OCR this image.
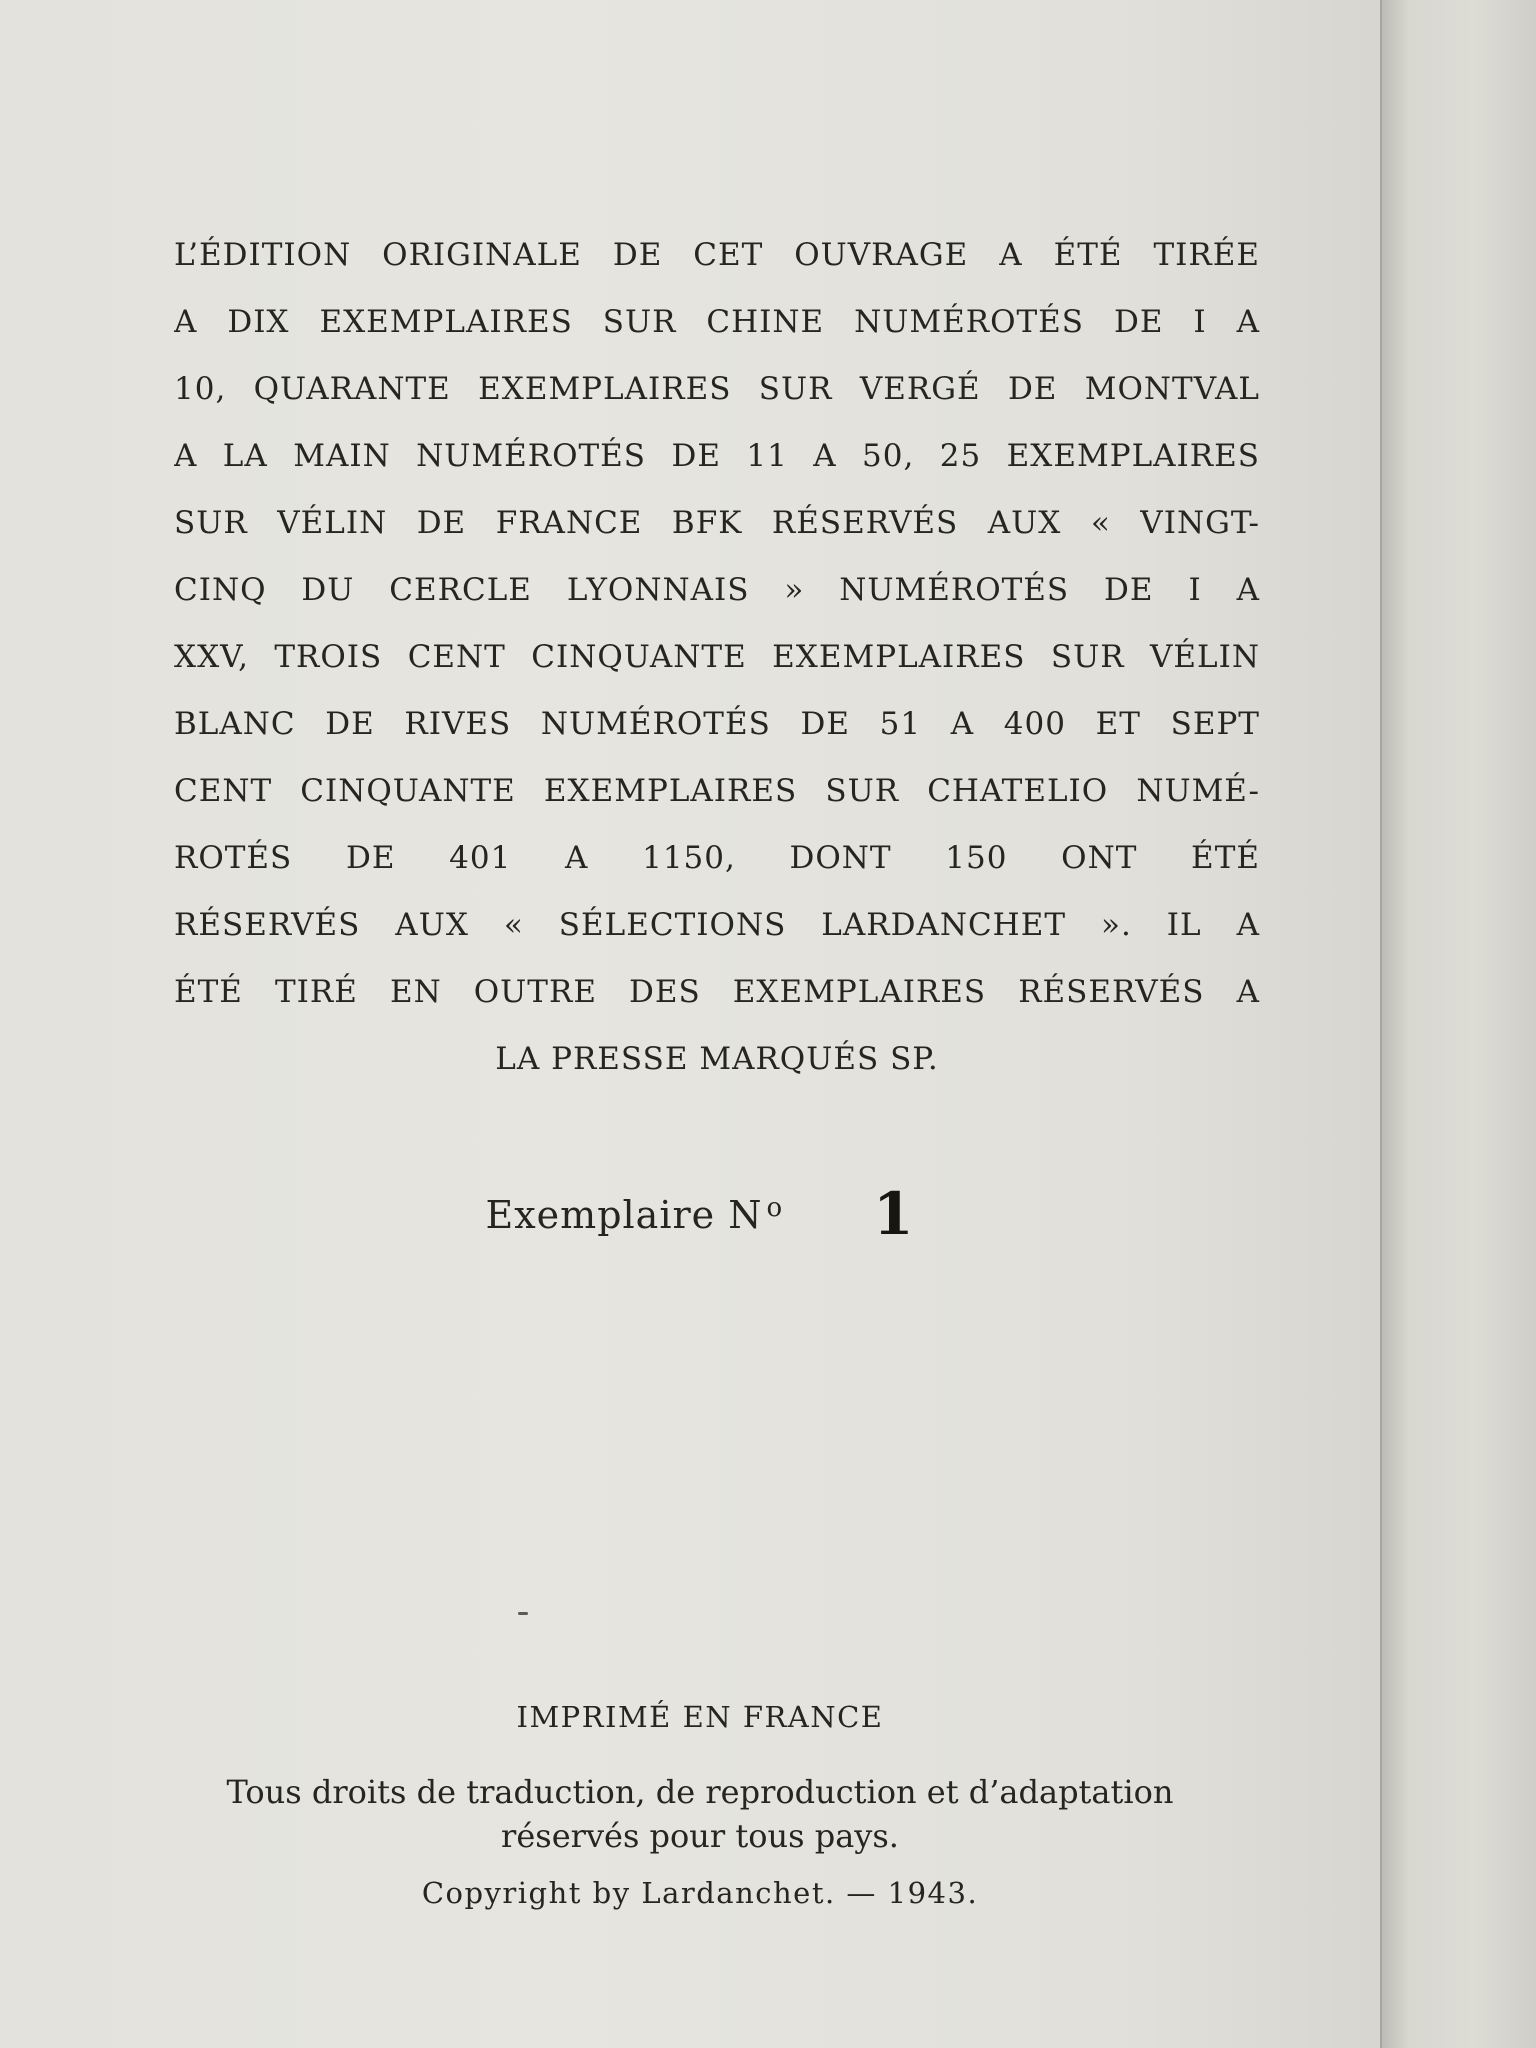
L’ÉDITION ORIGINALE DE CET OUVRAGE A ÉTÉ TIRÉE
A DIX EXEMPLAIRES SUR CHINE NUMÉROTÉS DE I A
10, QUARANTE EXEMPLAIRES SUR VERGÉ DE MONTVAL
A LA MAIN NUMÉROTÉS DE 11 A 50, 25 EXEMPLAIRES
SUR VÉLIN DE FRANCE BFK RÉSERVÉS AUX « VINGT-
CINQ DU CERCLE LYONNAIS » NUMÉROTÉS DE I A
XXV, TROIS CENT CINQUANTE EXEMPLAIRES SUR VÉLIN
BLANC DE RIVES NUMÉROTÉS DE 51 A 400 ET SEPT
CENT CINQUANTE EXEMPLAIRES SUR CHATELIO NUMÉ-
ROTÉS DE 401 A 1150, DONT 150 ONT ÉTÉ
RÉSERVÉS AUX « SÉLECTIONS LARDANCHET ». IL A
ÉTÉ TIRÉ EN OUTRE DES EXEMPLAIRES RÉSERVÉS A
LA PRESSE MARQUÉS SP.
Exemplaire N $^o$ 1
IMPRIMÉ EN FRANCE
Tous droits de traduction, de reproduction et d’adaptation
réservés pour tous pays.
Copyright by Lardanchet. — 1943.
